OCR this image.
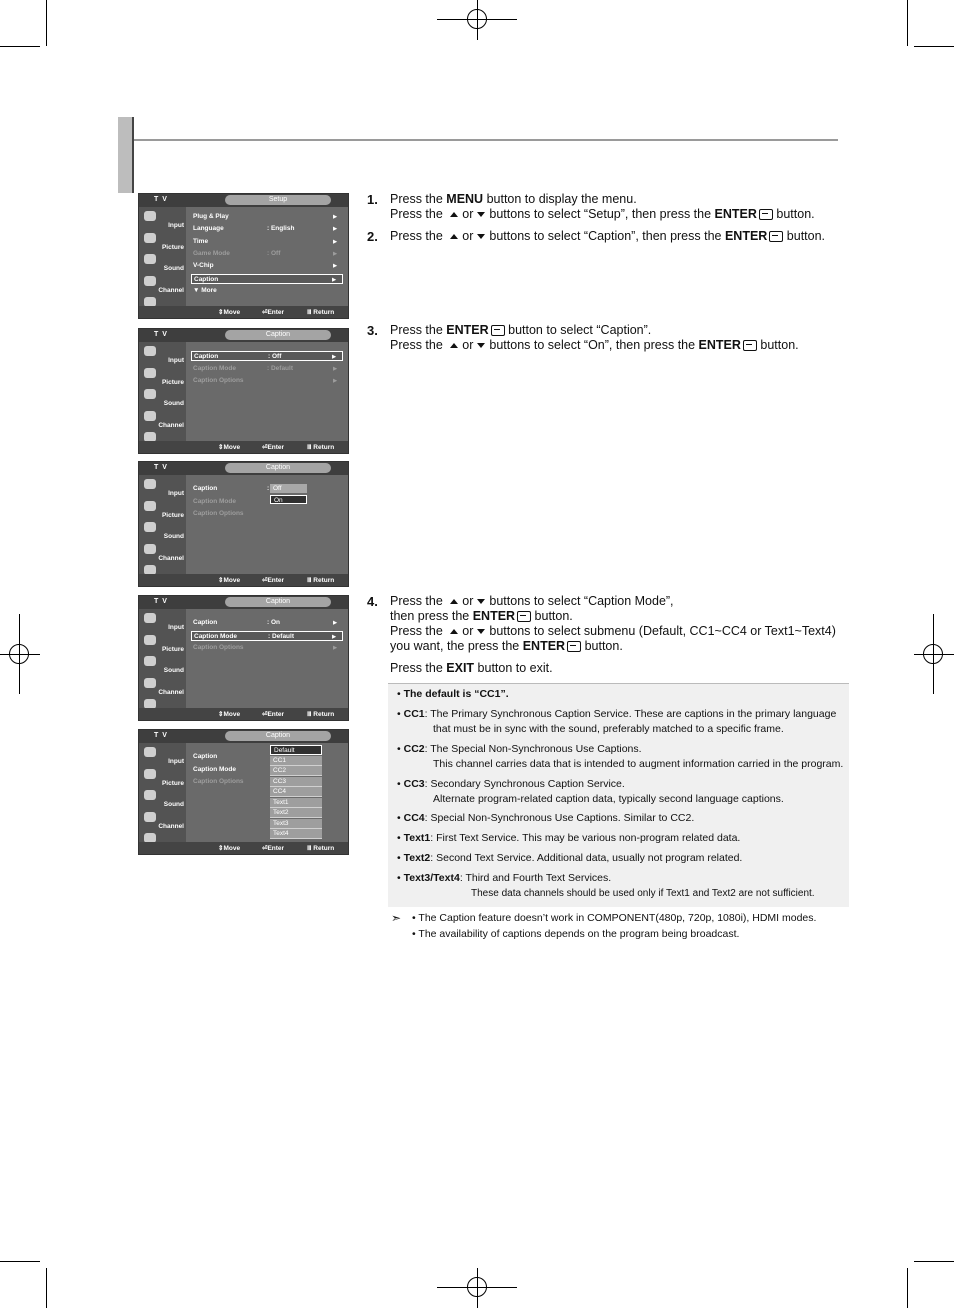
T V	Setup
Input
Picture
Sound
Channel
Plug & Play	▶
Language	: English	▶
Time	▶
Game Mode	: Off	▶
V-Chip	▶
Caption	▶
▼ More
⇕Move	⏎Enter	Ⅲ Return
T V	Caption
Input
Picture
Sound
Channel
Caption	: Off	▶
Caption Mode	: Default	▶
Caption Options	▶
⇕Move	⏎Enter	Ⅲ Return
T V	Caption
Input
Picture
Sound
Channel
Caption	:
Caption Mode
Caption Options
Off
On
⇕Move	⏎Enter	Ⅲ Return
T V	Caption
Input
Picture
Sound
Channel
Caption	: On	▶
Caption Mode	: Default	▶
Caption Options	▶
⇕Move	⏎Enter	Ⅲ Return
T V	Caption
Input
Picture
Sound
Channel
Caption
Caption Mode
Caption Options
Default
CC1
CC2
CC3
CC4
Text1
Text2
Text3
Text4
⇕Move	⏎Enter	Ⅲ Return
1. Press the MENU button to display the menu.
Press the or buttons to select “Setup”, then press the ENTER button.
2. Press the or buttons to select “Caption”, then press the ENTER button.
3. Press the ENTER button to select “Caption”.
Press the or buttons to select “On”, then press the ENTER button.
4. Press the or buttons to select “Caption Mode”,
then press the ENTER button.
Press the or buttons to select submenu (Default, CC1~CC4 or Text1~Text4)
you want, the press the ENTER button.
Press the EXIT button to exit.
• The default is “CC1”.
• CC1: The Primary Synchronous Caption Service. These are captions in the primary language
that must be in sync with the sound, preferably matched to a specific frame.
• CC2: The Special Non-Synchronous Use Captions.
This channel carries data that is intended to augment information carried in the program.
• CC3: Secondary Synchronous Caption Service.
Alternate program-related caption data, typically second language captions.
• CC4: Special Non-Synchronous Use Captions. Similar to CC2.
• Text1: First Text Service. This may be various non-program related data.
• Text2: Second Text Service. Additional data, usually not program related.
• Text3/Text4: Third and Fourth Text Services.
These data channels should be used only if Text1 and Text2 are not sufficient.
➣ • The Caption feature doesn’t work in COMPONENT(480p, 720p, 1080i), HDMI modes.
• The availability of captions depends on the program being broadcast.
